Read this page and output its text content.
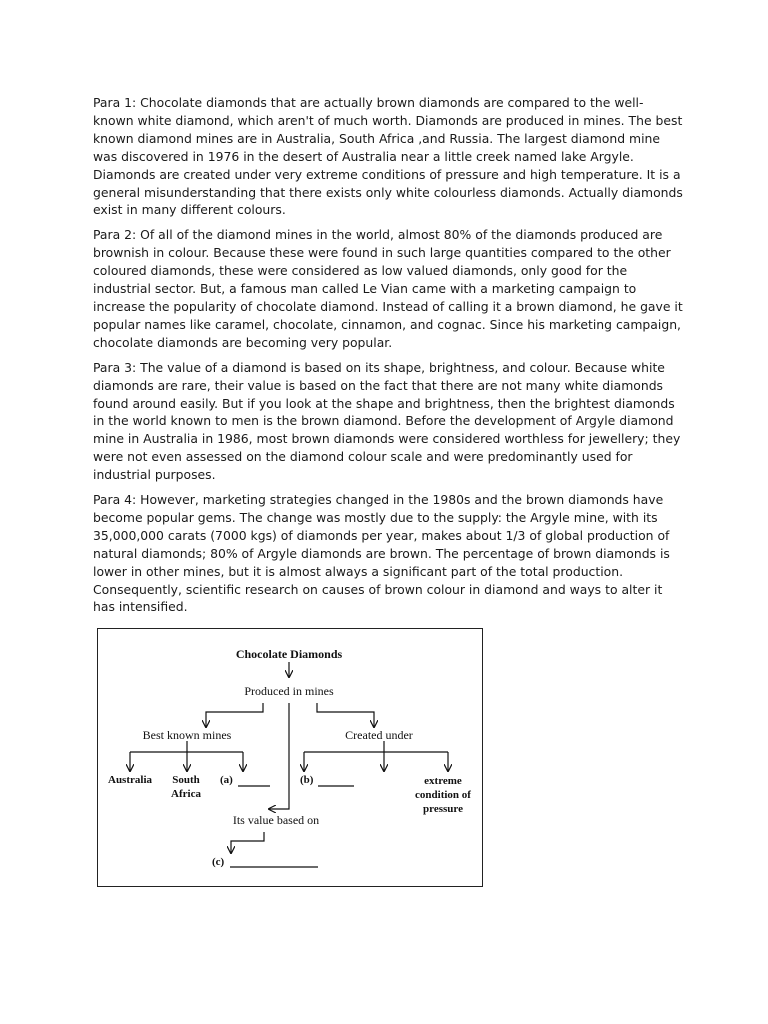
Para 1: Chocolate diamonds that are actually brown diamonds are compared to the well-known white diamond, which aren't of much worth. Diamonds are produced in mines. The best known diamond mines are in Australia, South Africa ,and Russia. The largest diamond mine was discovered in 1976 in the desert of Australia near a little creek named lake Argyle. Diamonds are created under very extreme conditions of pressure and high temperature. It is a general misunderstanding that there exists only white colourless diamonds. Actually diamonds exist in many different colours.

Para 2: Of all of the diamond mines in the world, almost 80% of the diamonds produced are brownish in colour. Because these were found in such large quantities compared to the other coloured diamonds, these were considered as low valued diamonds, only good for the industrial sector. But, a famous man called Le Vian came with a marketing campaign to increase the popularity of chocolate diamond. Instead of calling it a brown diamond, he gave it popular names like caramel, chocolate, cinnamon, and cognac. Since his marketing campaign, chocolate diamonds are becoming very popular.

Para 3: The value of a diamond is based on its shape, brightness, and colour. Because white diamonds are rare, their value is based on the fact that there are not many white diamonds found around easily. But if you look at the shape and brightness, then the brightest diamonds in the world known to men is the brown diamond. Before the development of Argyle diamond mine in Australia in 1986, most brown diamonds were considered worthless for jewellery; they were not even assessed on the diamond colour scale and were predominantly used for industrial purposes.

Para 4: However, marketing strategies changed in the 1980s and the brown diamonds have become popular gems. The change was mostly due to the supply: the Argyle mine, with its 35,000,000 carats (7000 kgs) of diamonds per year, makes about 1/3 of global production of natural diamonds; 80% of Argyle diamonds are brown. The percentage of brown diamonds is lower in other mines, but it is almost always a significant part of the total production. Consequently, scientific research on causes of brown colour in diamond and ways to alter it has intensified.

Chocolate Diamonds
Produced in mines
Best known mines	Created under
Australia South
Africa
(a)	(b)	extreme
condition of
pressure
Its value based on
(c)
